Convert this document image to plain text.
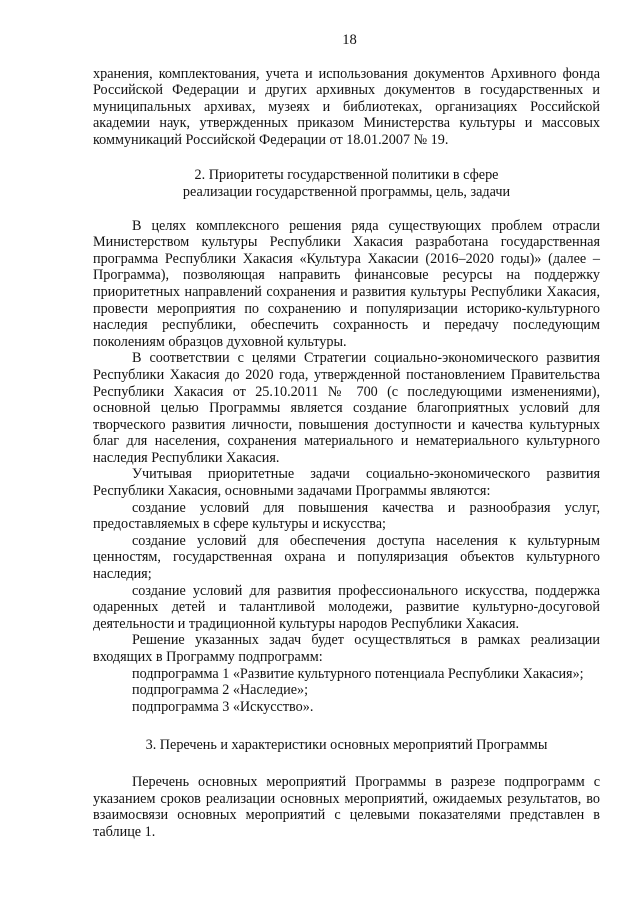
18

хранения, комплектования, учета и использования документов Архивного фонда Российской Федерации и других архивных документов в государственных и муниципальных архивах, музеях и библиотеках, организациях Российской академии наук, утвержденных приказом Министерства культуры и массовых коммуникаций Российской Федерации от 18.01.2007 № 19.

2. Приоритеты государственной политики в сфере
реализации государственной программы, цель, задачи

В целях комплексного решения ряда существующих проблем отрасли Министерством культуры Республики Хакасия разработана государственная программа Республики Хакасия «Культура Хакасии (2016–2020 годы)» (далее – Программа), позволяющая направить финансовые ресурсы на поддержку приоритетных направлений сохранения и развития культуры Республики Хакасия, провести мероприятия по сохранению и популяризации историко-культурного наследия республики, обеспечить сохранность и передачу последующим поколениям образцов духовной культуры.

В соответствии с целями Стратегии социально-экономического развития Республики Хакасия до 2020 года, утвержденной постановлением Правительства Республики Хакасия от 25.10.2011 № 700 (с последующими изменениями), основной целью Программы является создание благоприятных условий для творческого развития личности, повышения доступности и качества культурных благ для населения, сохранения материального и нематериального культурного наследия Республики Хакасия.

Учитывая приоритетные задачи социально-экономического развития Республики Хакасия, основными задачами Программы являются:

создание условий для повышения качества и разнообразия услуг, предоставляемых в сфере культуры и искусства;

создание условий для обеспечения доступа населения к культурным ценностям, государственная охрана и популяризация объектов культурного наследия;

создание условий для развития профессионального искусства, поддержка одаренных детей и талантливой молодежи, развитие культурно-досуговой деятельности и традиционной культуры народов Республики Хакасия.

Решение указанных задач будет осуществляться в рамках реализации входящих в Программу подпрограмм:

подпрограмма 1 «Развитие культурного потенциала Республики Хакасия»;

подпрограмма 2 «Наследие»;

подпрограмма 3 «Искусство».

3. Перечень и характеристики основных мероприятий Программы

Перечень основных мероприятий Программы в разрезе подпрограмм с указанием сроков реализации основных мероприятий, ожидаемых результатов, во взаимосвязи основных мероприятий с целевыми показателями представлен в таблице 1.
